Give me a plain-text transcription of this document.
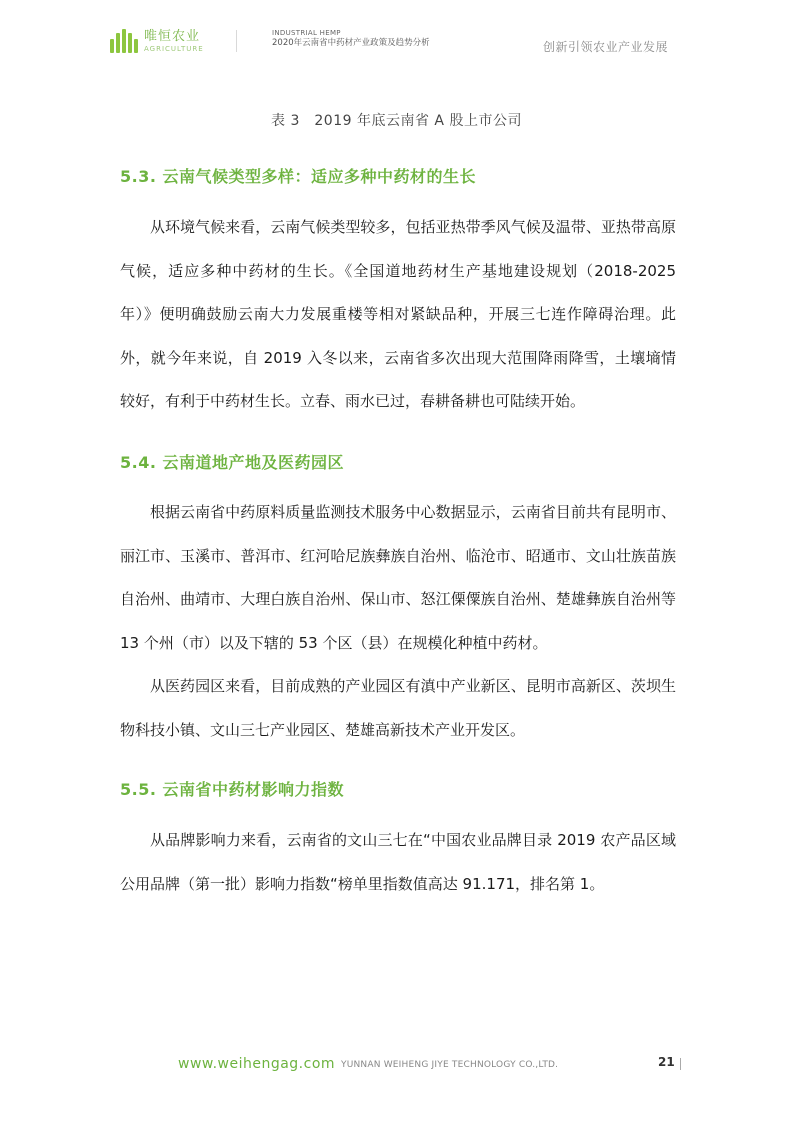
唯恒农业
AGRICULTURE
INDUSTRIAL HEMP
2020年云南省中药材产业政策及趋势分析	创新引领农业产业发展
表 3　2019 年底云南省 A 股上市公司
5.3. 云南气候类型多样：适应多种中药材的生长
从环境气候来看，云南气候类型较多，包括亚热带季风气候及温带、亚热带高原气候，适应多种中药材的生长。《全国道地药材生产基地建设规划（2018-2025 年）》便明确鼓励云南大力发展重楼等相对紧缺品种，开展三七连作障碍治理。此外，就今年来说，自 2019 入冬以来，云南省多次出现大范围降雨降雪，土壤墒情较好，有利于中药材生长。立春、雨水已过，春耕备耕也可陆续开始。
5.4. 云南道地产地及医药园区
根据云南省中药原料质量监测技术服务中心数据显示，云南省目前共有昆明市、丽江市、玉溪市、普洱市、红河哈尼族彝族自治州、临沧市、昭通市、文山壮族苗族自治州、曲靖市、大理白族自治州、保山市、怒江傈僳族自治州、楚雄彝族自治州等 13 个州（市）以及下辖的 53 个区（县）在规模化种植中药材。
从医药园区来看，目前成熟的产业园区有滇中产业新区、昆明市高新区、茨坝生物科技小镇、文山三七产业园区、楚雄高新技术产业开发区。
5.5. 云南省中药材影响力指数
从品牌影响力来看，云南省的文山三七在“中国农业品牌目录 2019 农产品区域公用品牌（第一批）影响力指数“榜单里指数值高达 91.171，排名第 1。
www.weihengag.com YUNNAN WEIHENG JIYE TECHNOLOGY CO.,LTD.	21
